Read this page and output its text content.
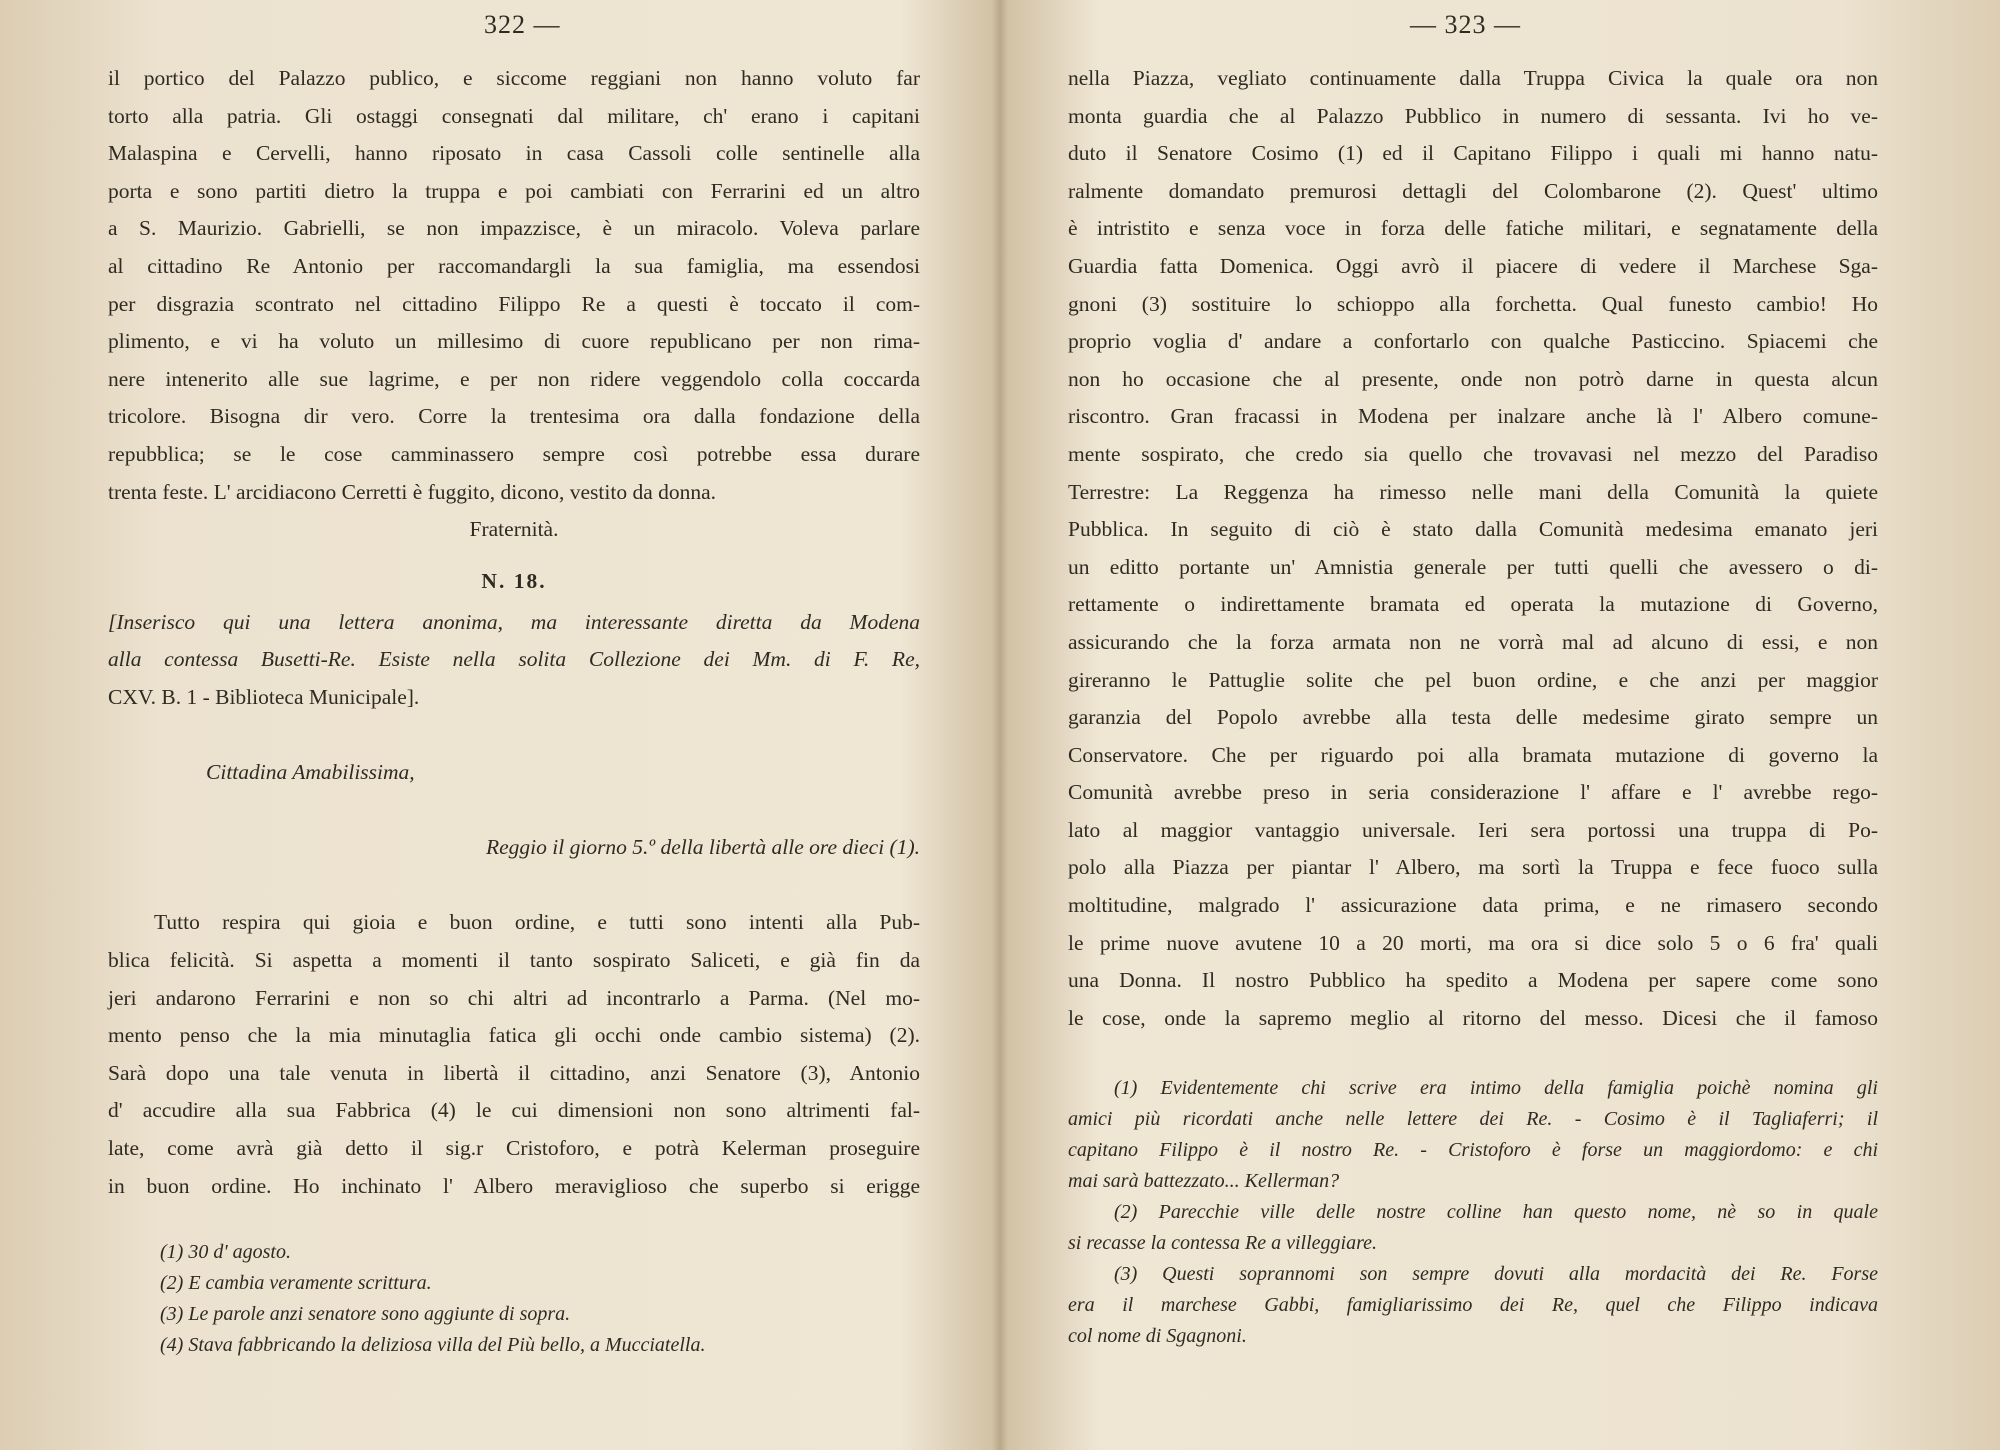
322 —
il portico del Palazzo publico, e siccome reggiani non hanno voluto far
torto alla patria. Gli ostaggi consegnati dal militare, ch' erano i capitani
Malaspina e Cervelli, hanno riposato in casa Cassoli colle sentinelle alla
porta e sono partiti dietro la truppa e poi cambiati con Ferrarini ed un altro
a S. Maurizio. Gabrielli, se non impazzisce, è un miracolo. Voleva parlare
al cittadino Re Antonio per raccomandargli la sua famiglia, ma essendosi
per disgrazia scontrato nel cittadino Filippo Re a questi è toccato il com-
plimento, e vi ha voluto un millesimo di cuore republicano per non rima-
nere intenerito alle sue lagrime, e per non ridere veggendolo colla coccarda
tricolore. Bisogna dir vero. Corre la trentesima ora dalla fondazione della
repubblica; se le cose camminassero sempre così potrebbe essa durare
trenta feste. L' arcidiacono Cerretti è fuggito, dicono, vestito da donna.
Fraternità.
N. 18.
[Inserisco qui una lettera anonima, ma interessante diretta da Modena
alla contessa Busetti-Re. Esiste nella solita Collezione dei Mm. di F. Re,
CXV. B. 1 - Biblioteca Municipale].
Cittadina Amabilissima,
Reggio il giorno 5.º della libertà alle ore dieci (1).
Tutto respira qui gioia e buon ordine, e tutti sono intenti alla Pub-
blica felicità. Si aspetta a momenti il tanto sospirato Saliceti, e già fin da
jeri andarono Ferrarini e non so chi altri ad incontrarlo a Parma. (Nel mo-
mento penso che la mia minutaglia fatica gli occhi onde cambio sistema) (2).
Sarà dopo una tale venuta in libertà il cittadino, anzi Senatore (3), Antonio
d' accudire alla sua Fabbrica (4) le cui dimensioni non sono altrimenti fal-
late, come avrà già detto il sig.r Cristoforo, e potrà Kelerman proseguire
in buon ordine. Ho inchinato l' Albero meraviglioso che superbo si erigge
(1) 30 d' agosto.
(2) E cambia veramente scrittura.
(3) Le parole anzi senatore sono aggiunte di sopra.
(4) Stava fabbricando la deliziosa villa del Più bello, a Mucciatella.
— 323 —
nella Piazza, vegliato continuamente dalla Truppa Civica la quale ora non
monta guardia che al Palazzo Pubblico in numero di sessanta. Ivi ho ve-
duto il Senatore Cosimo (1) ed il Capitano Filippo i quali mi hanno natu-
ralmente domandato premurosi dettagli del Colombarone (2). Quest' ultimo
è intristito e senza voce in forza delle fatiche militari, e segnatamente della
Guardia fatta Domenica. Oggi avrò il piacere di vedere il Marchese Sga-
gnoni (3) sostituire lo schioppo alla forchetta. Qual funesto cambio! Ho
proprio voglia d' andare a confortarlo con qualche Pasticcino. Spiacemi che
non ho occasione che al presente, onde non potrò darne in questa alcun
riscontro. Gran fracassi in Modena per inalzare anche là l' Albero comune-
mente sospirato, che credo sia quello che trovavasi nel mezzo del Paradiso
Terrestre: La Reggenza ha rimesso nelle mani della Comunità la quiete
Pubblica. In seguito di ciò è stato dalla Comunità medesima emanato jeri
un editto portante un' Amnistia generale per tutti quelli che avessero o di-
rettamente o indirettamente bramata ed operata la mutazione di Governo,
assicurando che la forza armata non ne vorrà mal ad alcuno di essi, e non
gireranno le Pattuglie solite che pel buon ordine, e che anzi per maggior
garanzia del Popolo avrebbe alla testa delle medesime girato sempre un
Conservatore. Che per riguardo poi alla bramata mutazione di governo la
Comunità avrebbe preso in seria considerazione l' affare e l' avrebbe rego-
lato al maggior vantaggio universale. Ieri sera portossi una truppa di Po-
polo alla Piazza per piantar l' Albero, ma sortì la Truppa e fece fuoco sulla
moltitudine, malgrado l' assicurazione data prima, e ne rimasero secondo
le prime nuove avutene 10 a 20 morti, ma ora si dice solo 5 o 6 fra' quali
una Donna. Il nostro Pubblico ha spedito a Modena per sapere come sono
le cose, onde la sapremo meglio al ritorno del messo. Dicesi che il famoso
(1) Evidentemente chi scrive era intimo della famiglia poichè nomina gli
amici più ricordati anche nelle lettere dei Re. - Cosimo è il Tagliaferri; il
capitano Filippo è il nostro Re. - Cristoforo è forse un maggiordomo: e chi
mai sarà battezzato... Kellerman?
(2) Parecchie ville delle nostre colline han questo nome, nè so in quale
si recasse la contessa Re a villeggiare.
(3) Questi soprannomi son sempre dovuti alla mordacità dei Re. Forse
era il marchese Gabbi, famigliarissimo dei Re, quel che Filippo indicava
col nome di Sgagnoni.
